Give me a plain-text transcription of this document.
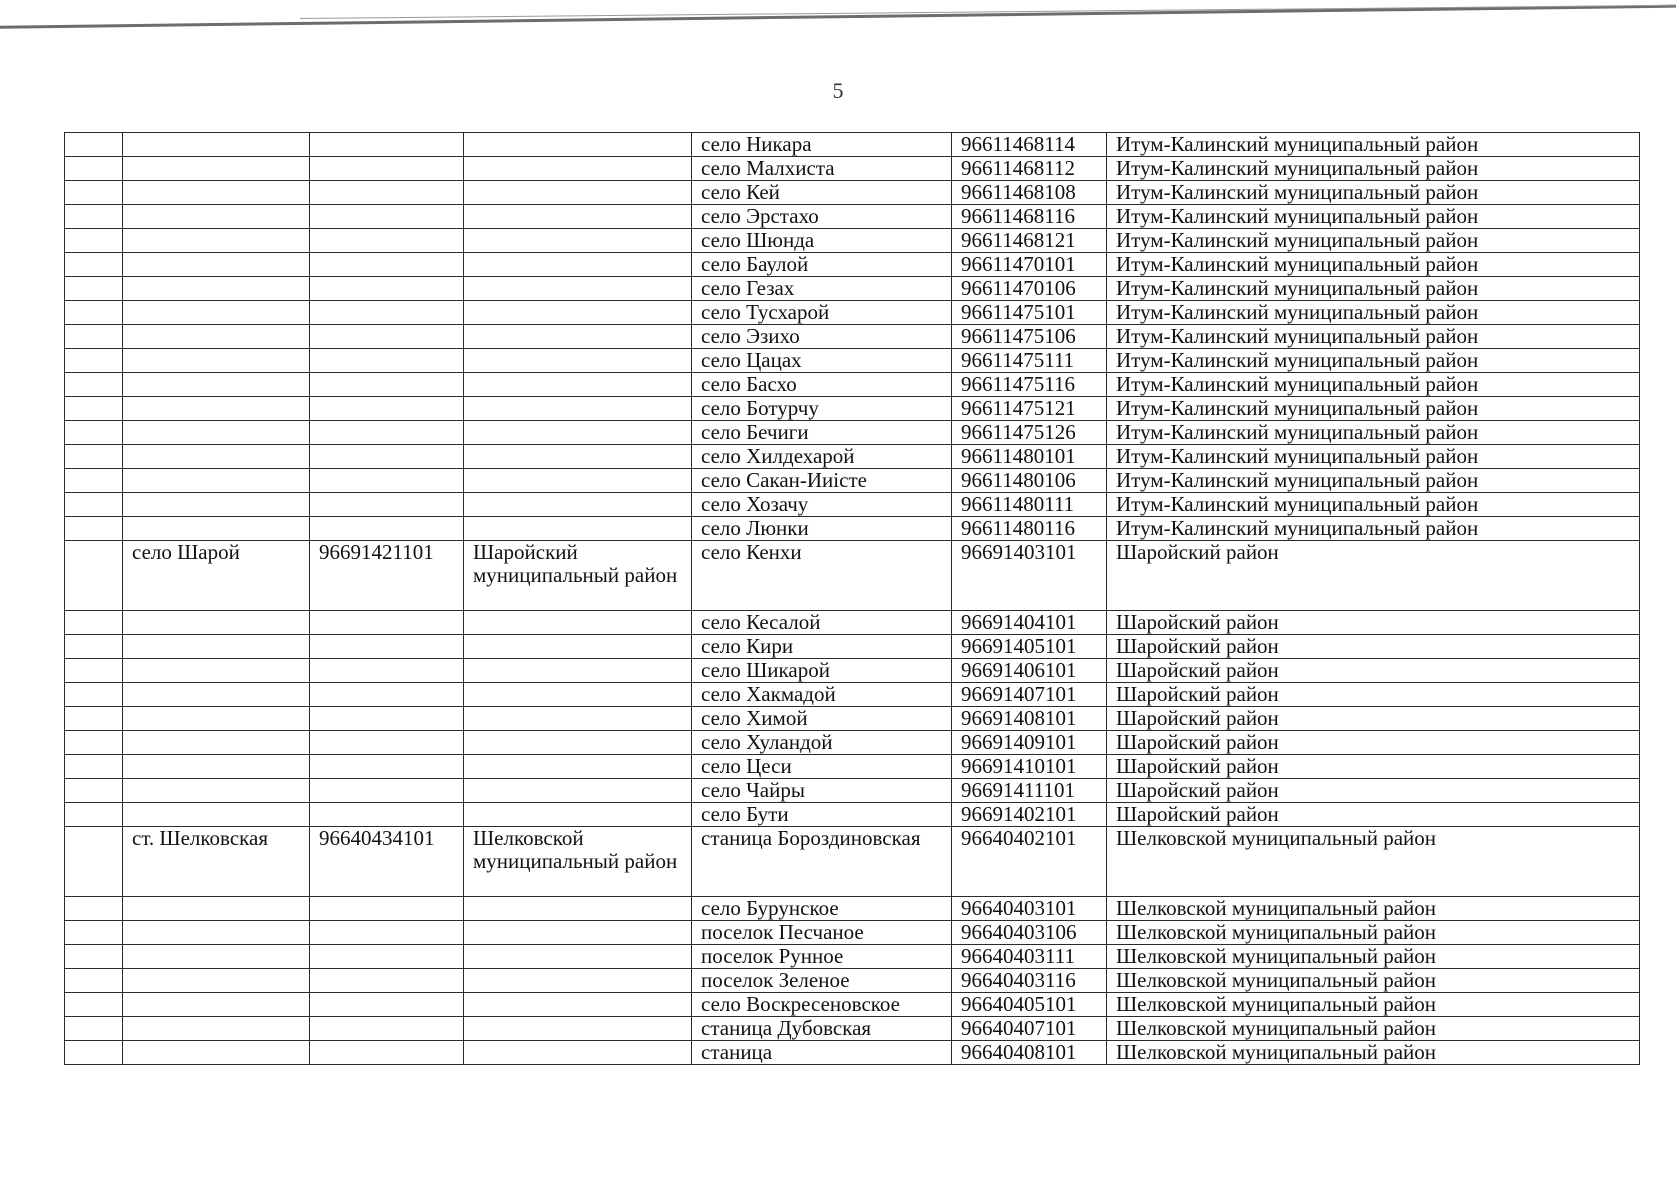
5
				село Никара	96611468114	Итум-Калинский муниципальный район
				село Малхиста	96611468112	Итум-Калинский муниципальный район
				село Кей	96611468108	Итум-Калинский муниципальный район
				село Эрстахо	96611468116	Итум-Калинский муниципальный район
				село Шюнда	96611468121	Итум-Калинский муниципальный район
				село Баулой	96611470101	Итум-Калинский муниципальный район
				село Гезах	96611470106	Итум-Калинский муниципальный район
				село Тусхарой	96611475101	Итум-Калинский муниципальный район
				село Эзихо	96611475106	Итум-Калинский муниципальный район
				село Цацах	96611475111	Итум-Калинский муниципальный район
				село Басхо	96611475116	Итум-Калинский муниципальный район
				село Ботурчу	96611475121	Итум-Калинский муниципальный район
				село Бечиги	96611475126	Итум-Калинский муниципальный район
				село Хилдехарой	96611480101	Итум-Калинский муниципальный район
				село Сакан-Ииiсте	96611480106	Итум-Калинский муниципальный район
				село Хозачу	96611480111	Итум-Калинский муниципальный район
				село Люнки	96611480116	Итум-Калинский муниципальный район
	село Шарой	96691421101	Шаройский муниципальный район	село Кенхи	96691403101	Шаройский район
				село Кесалой	96691404101	Шаройский район
				село Кири	96691405101	Шаройский район
				село Шикарой	96691406101	Шаройский район
				село Хакмадой	96691407101	Шаройский район
				село Химой	96691408101	Шаройский район
				село Хуландой	96691409101	Шаройский район
				село Цеси	96691410101	Шаройский район
				село Чайры	96691411101	Шаройский район
				село Бути	96691402101	Шаройский район
	ст. Шелковская	96640434101	Шелковской муниципальный район	станица Бороздиновская	96640402101	Шелковской муниципальный район
				село Бурунское	96640403101	Шелковской муниципальный район
				поселок Песчаное	96640403106	Шелковской муниципальный район
				поселок Рунное	96640403111	Шелковской муниципальный район
				поселок Зеленое	96640403116	Шелковской муниципальный район
				село Воскресеновское	96640405101	Шелковской муниципальный район
				станица Дубовская	96640407101	Шелковской муниципальный район
				станица	96640408101	Шелковской муниципальный район
